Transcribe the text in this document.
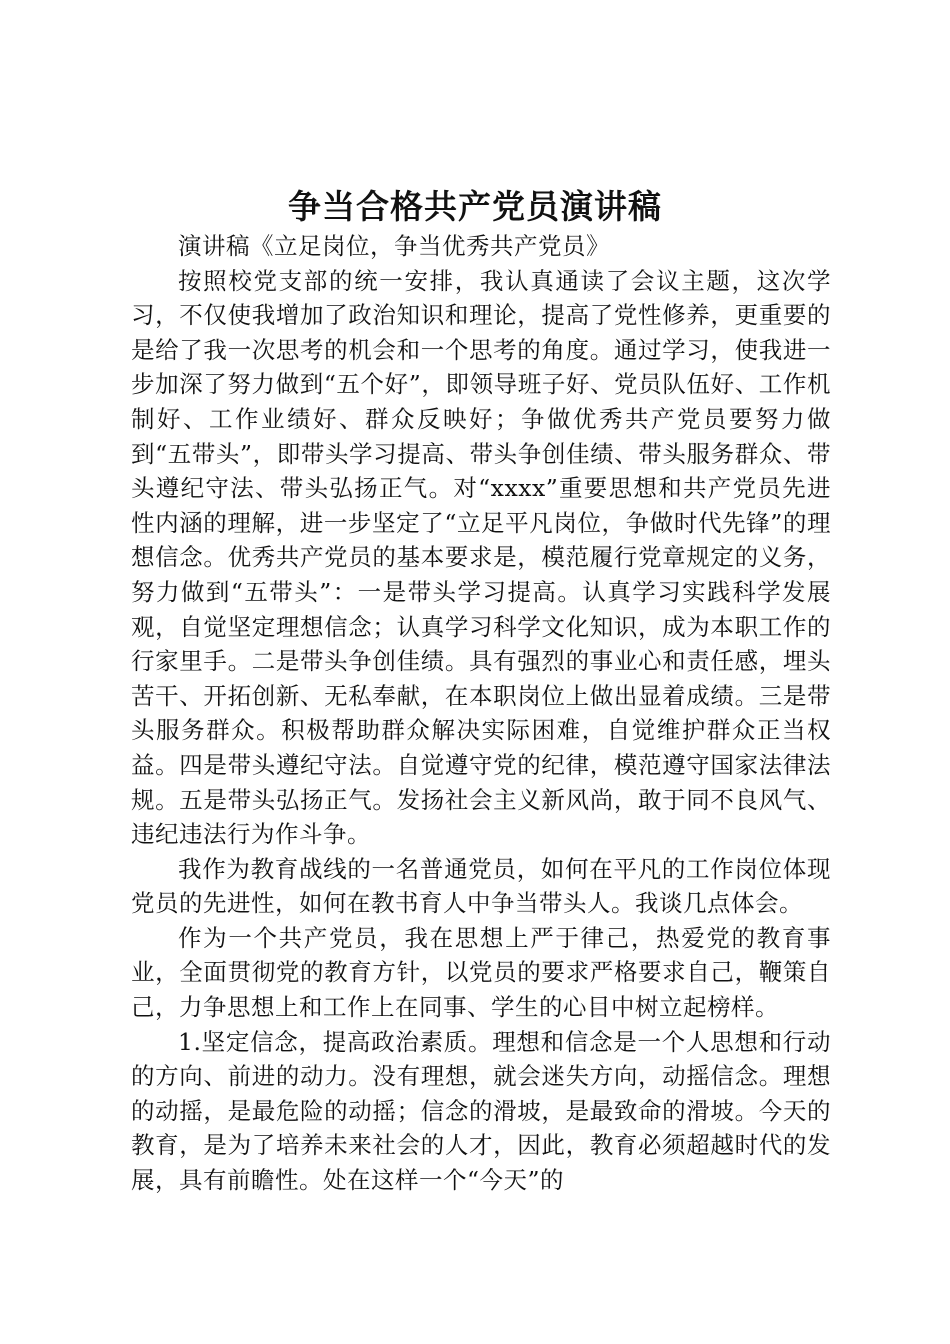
争当合格共产党员演讲稿

演讲稿《立足岗位，争当优秀共产党员》

按照校党支部的统一安排，我认真通读了会议主题，这次学习，不仅使我增加了政治知识和理论，提高了党性修养，更重要的是给了我一次思考的机会和一个思考的角度。通过学习，使我进一步加深了努力做到“五个好”，即领导班子好、党员队伍好、工作机制好、工作业绩好、群众反映好；争做优秀共产党员要努力做到“五带头”，即带头学习提高、带头争创佳绩、带头服务群众、带头遵纪守法、带头弘扬正气。对“xxxx”重要思想和共产党员先进性内涵的理解，进一步坚定了“立足平凡岗位，争做时代先锋”的理想信念。优秀共产党员的基本要求是，模范履行党章规定的义务，努力做到“五带头”：一是带头学习提高。认真学习实践科学发展观，自觉坚定理想信念；认真学习科学文化知识，成为本职工作的行家里手。二是带头争创佳绩。具有强烈的事业心和责任感，埋头苦干、开拓创新、无私奉献，在本职岗位上做出显着成绩。三是带头服务群众。积极帮助群众解决实际困难，自觉维护群众正当权益。四是带头遵纪守法。自觉遵守党的纪律，模范遵守国家法律法规。五是带头弘扬正气。发扬社会主义新风尚，敢于同不良风气、违纪违法行为作斗争。

我作为教育战线的一名普通党员，如何在平凡的工作岗位体现党员的先进性，如何在教书育人中争当带头人。我谈几点体会。

作为一个共产党员，我在思想上严于律己，热爱党的教育事业，全面贯彻党的教育方针，以党员的要求严格要求自己，鞭策自己，力争思想上和工作上在同事、学生的心目中树立起榜样。

1.坚定信念，提高政治素质。理想和信念是一个人思想和行动的方向、前进的动力。没有理想，就会迷失方向，动摇信念。理想的动摇，是最危险的动摇；信念的滑坡，是最致命的滑坡。今天的教育，是为了培养未来社会的人才，因此，教育必须超越时代的发展，具有前瞻性。处在这样一个“今天”的
